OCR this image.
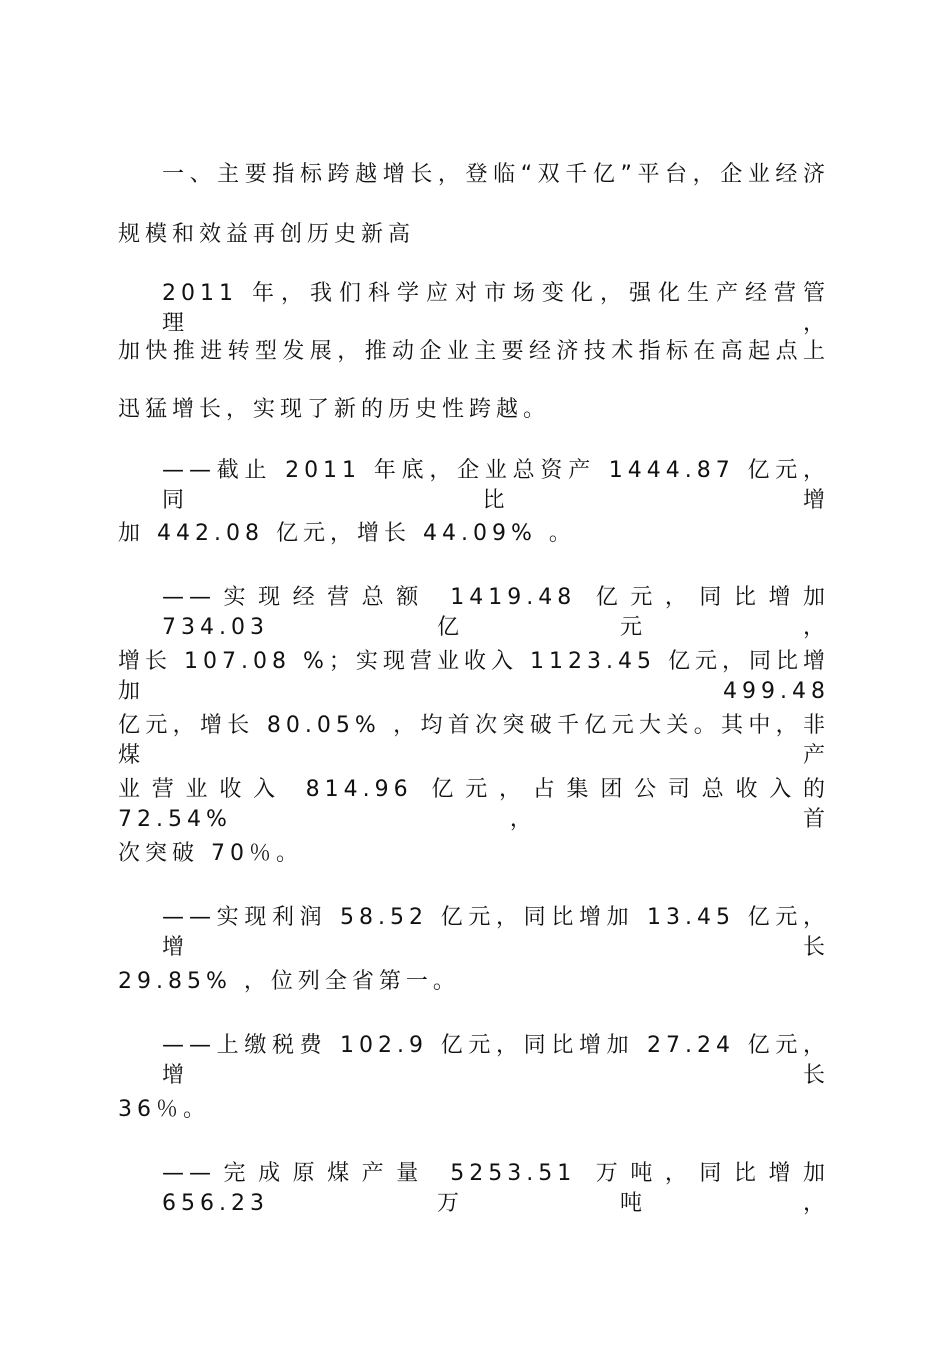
一、主要指标跨越增长，登临“双千亿”平台，企业经济
规模和效益再创历史新高
2011 年，我们科学应对市场变化，强化生产经营管理，
加快推进转型发展，推动企业主要经济技术指标在高起点上
迅猛增长，实现了新的历史性跨越。
——截止 2011 年底，企业总资产 1444.87 亿元，同比增
加 442.08 亿元，增长 44.09% 。
——实现经营总额 1419.48 亿元，同比增加 734.03 亿元，
增长 107.08 %；实现营业收入 1123.45 亿元，同比增加 499.48
亿元，增长 80.05% ，均首次突破千亿元大关。其中，非煤产
业营业收入 814.96 亿元，占集团公司总收入的 72.54% ，首
次突破 70％。
——实现利润 58.52 亿元，同比增加 13.45 亿元，增长
29.85% ，位列全省第一。
——上缴税费 102.9 亿元，同比增加 27.24 亿元，增长
36％。
——完成原煤产量 5253.51 万吨，同比增加 656.23 万吨，
